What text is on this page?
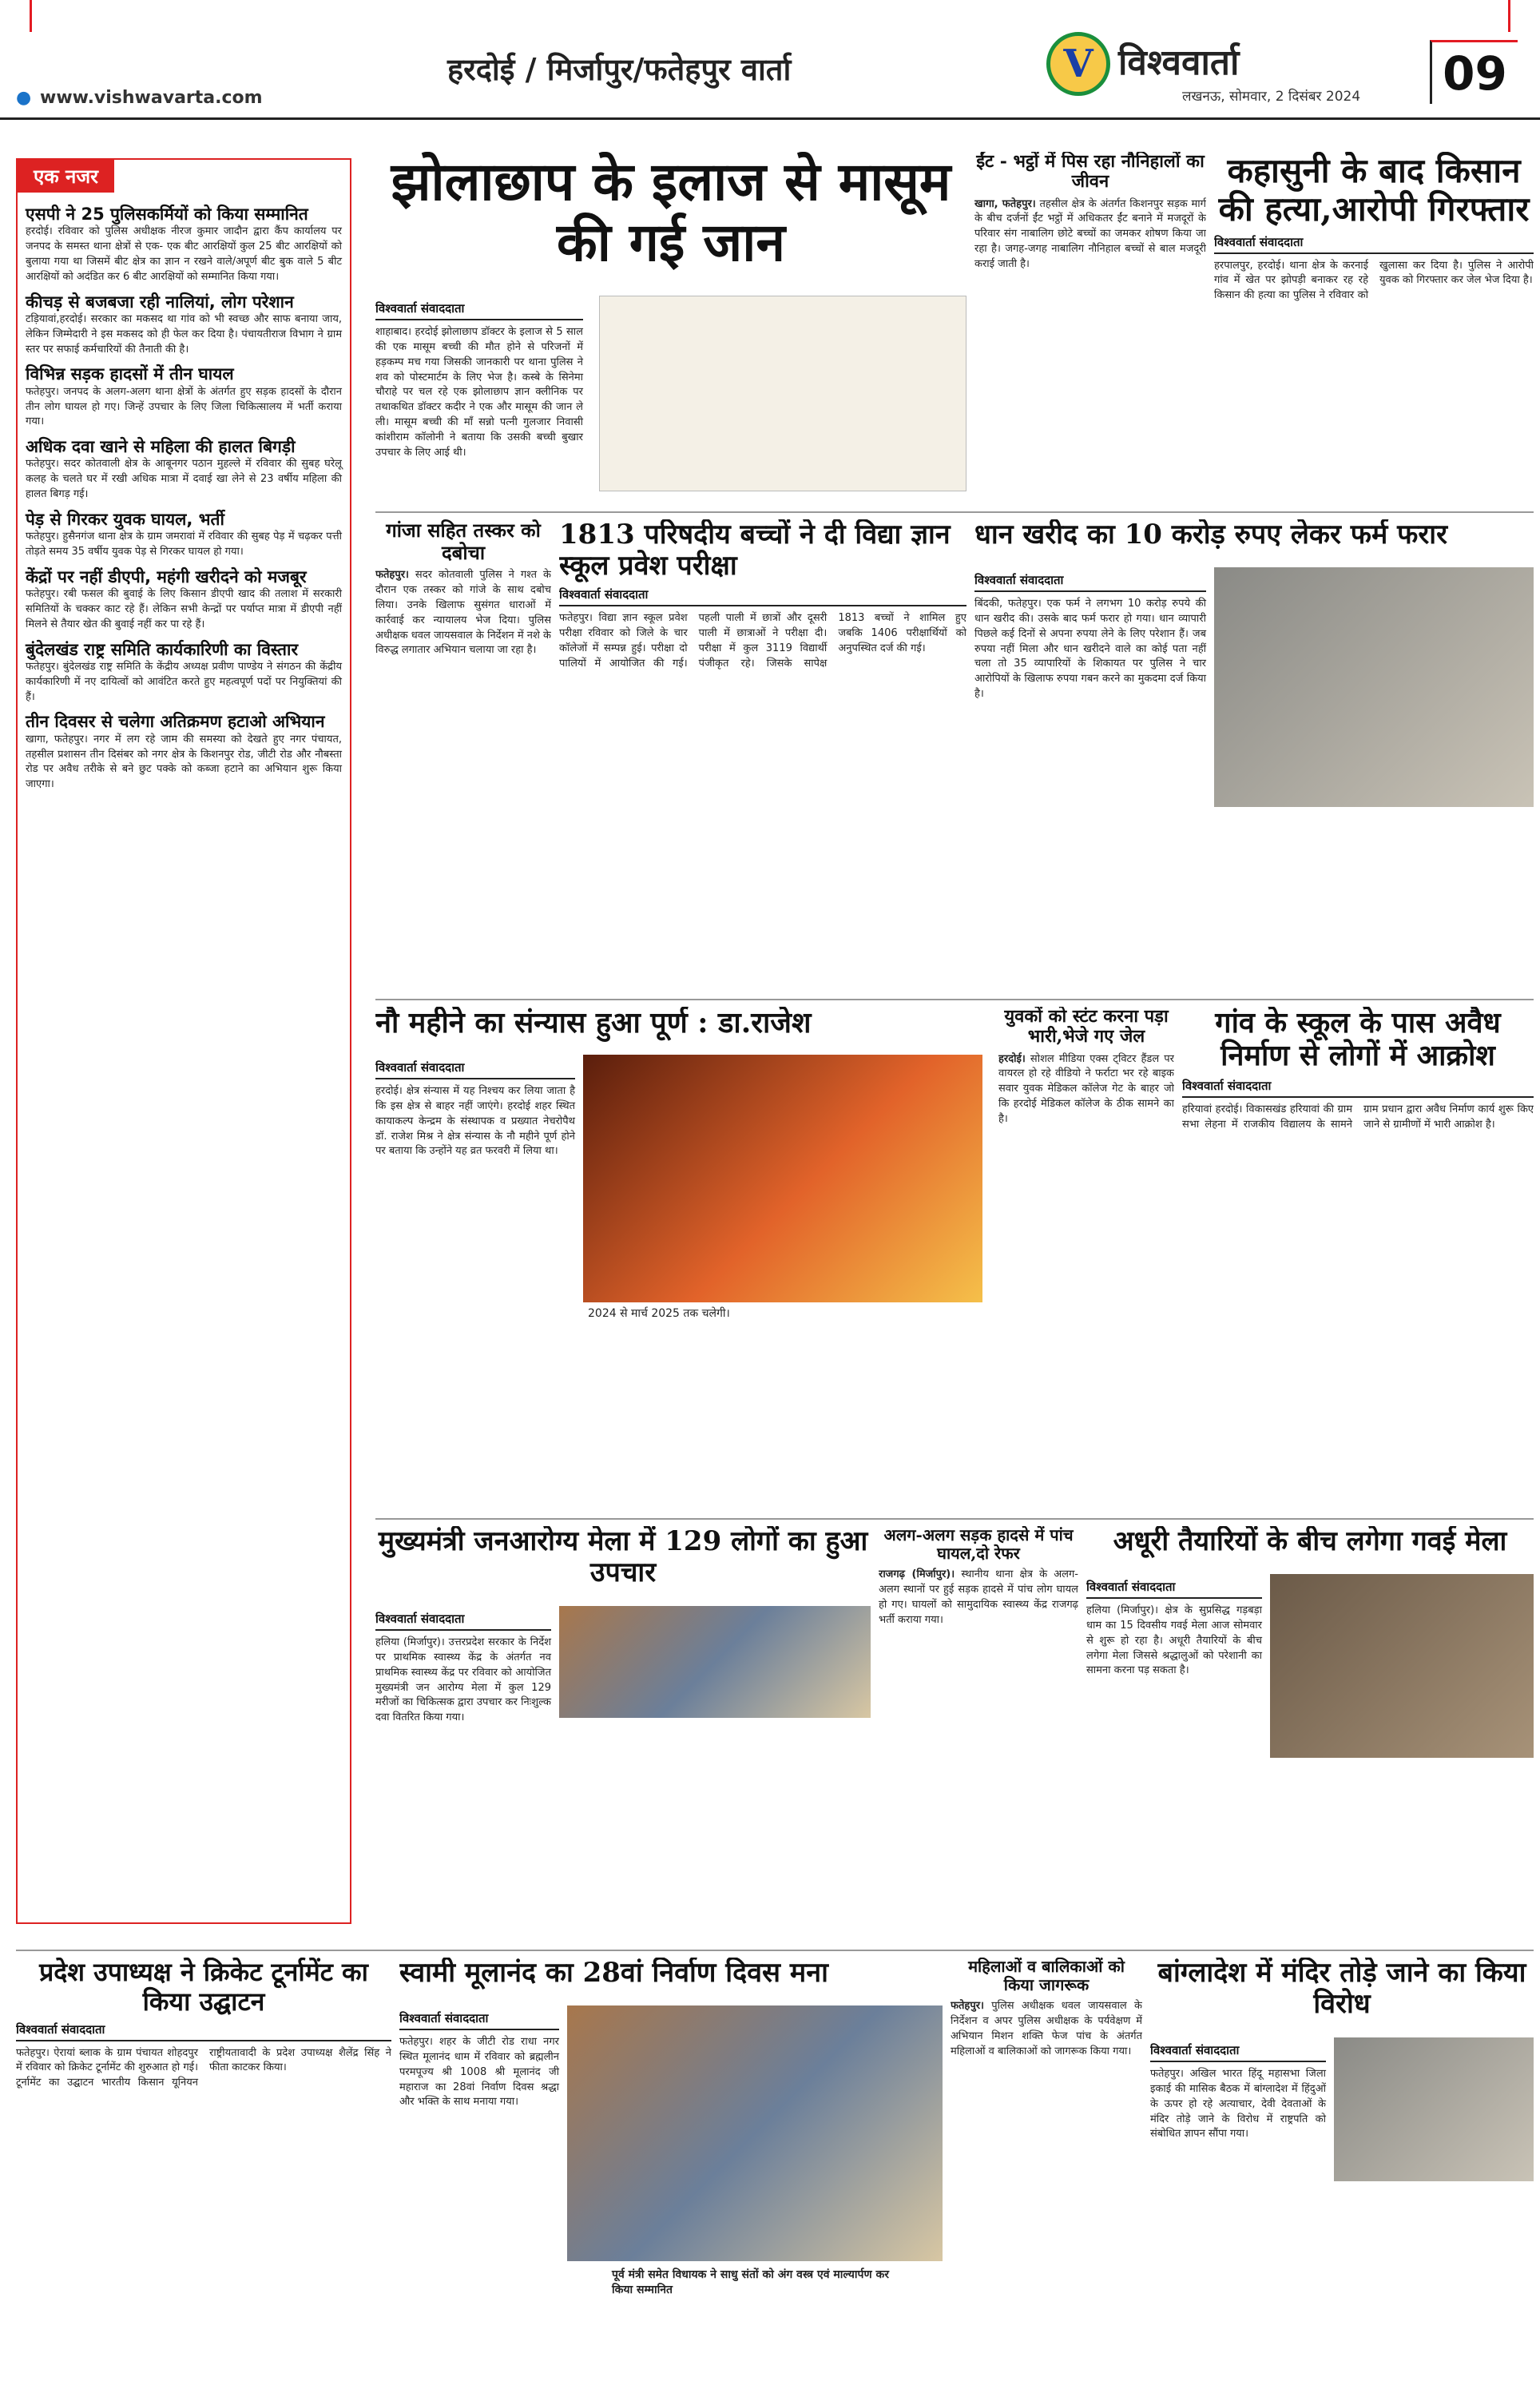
हरदोई / मिर्जापुर/फतेहपुर वार्ता	V विश्ववार्ता
लखनऊ, सोमवार, 2 दिसंबर 2024 09
● www.vishwavarta.com
एक नजर
एसपी ने 25 पुलिसकर्मियों को किया सम्मानित
हरदोई। रविवार को पुलिस अधीक्षक नीरज कुमार जादौन द्वारा कैंप कार्यालय पर जनपद के समस्त थाना क्षेत्रों से एक- एक बीट आरक्षियों कुल 25 बीट आरक्षियों को बुलाया गया था जिसमें बीट क्षेत्र का ज्ञान न रखने वाले/अपूर्ण बीट बुक वाले 5 बीट आरक्षियों को अदंडित कर 6 बीट आरक्षियों को सम्मानित किया गया।
कीचड़ से बजबजा रही नालियां, लोग परेशान
टड़ियावां,हरदोई। सरकार का मकसद था गांव को भी स्वच्छ और साफ बनाया जाय, लेकिन जिम्मेदारी ने इस मकसद को ही फेल कर दिया है। पंचायतीराज विभाग ने ग्राम स्तर पर सफाई कर्मचारियों की तैनाती की है।
विभिन्न सड़क हादसों में तीन घायल
फतेहपुर। जनपद के अलग-अलग थाना क्षेत्रों के अंतर्गत हुए सड़क हादसों के दौरान तीन लोग घायल हो गए। जिन्हें उपचार के लिए जिला चिकित्सालय में भर्ती कराया गया।
अधिक दवा खाने से महिला की हालत बिगड़ी
फतेहपुर। सदर कोतवाली क्षेत्र के आबूनगर पठान मुहल्ले में रविवार की सुबह घरेलू कलह के चलते घर में रखी अधिक मात्रा में दवाई खा लेने से 23 वर्षीय महिला की हालत बिगड़ गई।
पेड़ से गिरकर युवक घायल, भर्ती
फतेहपुर। हुसैनगंज थाना क्षेत्र के ग्राम जमरावां में रविवार की सुबह पेड़ में चढ़कर पत्ती तोड़ते समय 35 वर्षीय युवक पेड़ से गिरकर घायल हो गया।
केंद्रों पर नहीं डीएपी, महंगी खरीदने को मजबूर
फतेहपुर। रबी फसल की बुवाई के लिए किसान डीएपी खाद की तलाश में सरकारी समितियों के चक्कर काट रहे हैं। लेकिन सभी केन्द्रों पर पर्याप्त मात्रा में डीएपी नहीं मिलने से तैयार खेत की बुवाई नहीं कर पा रहे हैं।
बुंदेलखंड राष्ट्र समिति कार्यकारिणी का विस्तार
फतेहपुर। बुंदेलखंड राष्ट्र समिति के केंद्रीय अध्यक्ष प्रवीण पाण्डेय ने संगठन की केंद्रीय कार्यकारिणी में नए दायित्वों को आवंटित करते हुए महत्वपूर्ण पदों पर नियुक्तियां की हैं।
तीन दिवसर से चलेगा अतिक्रमण हटाओ अभियान
खागा, फतेहपुर। नगर में लग रहे जाम की समस्या को देखते हुए नगर पंचायत, तहसील प्रशासन तीन दिसंबर को नगर क्षेत्र के किशनपुर रोड, जीटी रोड और नौबस्ता रोड पर अवैध तरीके से बने छुट पक्के को कब्जा हटाने का अभियान शुरू किया जाएगा।
झोलाछाप के इलाज से मासूम की गई जान
विश्ववार्ता संवाददाता
शाहाबाद। हरदोई झोलाछाप डॉक्टर के इलाज से 5 साल की एक मासूम बच्ची की मौत होने से परिजनों में हड़कम्प मच गया जिसकी जानकारी पर थाना पुलिस ने शव को पोस्टमार्टम के लिए भेज है। कस्बे के सिनेमा चौराहे पर चल रहे एक झोलाछाप ज्ञान क्लीनिक पर तथाकथित डॉक्टर कदीर ने एक और मासूम की जान ले ली। मासूम बच्ची की माँ सन्नो पत्नी गुलजार निवासी कांशीराम कॉलोनी ने बताया कि उसकी बच्ची बुखार उपचार के लिए आई थी।
ईंट - भट्ठों में पिस रहा नौनिहालों का जीवन
खागा, फतेहपुर। तहसील क्षेत्र के अंतर्गत किशनपुर सड़क मार्ग के बीच दर्जनों ईंट भट्ठों में अधिकतर ईंट बनाने में मजदूरों के परिवार संग नाबालिग छोटे बच्चों का जमकर शोषण किया जा रहा है। जगह-जगह नाबालिग नौनिहाल बच्चों से बाल मजदूरी कराई जाती है।
कहासुनी के बाद किसान की हत्या,आरोपी गिरफ्तार
विश्ववार्ता संवाददाता
हरपालपुर, हरदोई। थाना क्षेत्र के करनाई गांव में खेत पर झोपड़ी बनाकर रह रहे किसान की हत्या का पुलिस ने रविवार को खुलासा कर दिया है। पुलिस ने आरोपी युवक को गिरफ्तार कर जेल भेज दिया है।
गांजा सहित तस्कर को दबोचा
फतेहपुर। सदर कोतवाली पुलिस ने गश्त के दौरान एक तस्कर को गांजे के साथ दबोच लिया। उनके खिलाफ सुसंगत धाराओं में कार्रवाई कर न्यायालय भेज दिया। पुलिस अधीक्षक धवल जायसवाल के निर्देशन में नशे के विरुद्ध लगातार अभियान चलाया जा रहा है।
1813 परिषदीय बच्चों ने दी विद्या ज्ञान स्कूल प्रवेश परीक्षा
विश्ववार्ता संवाददाता
फतेहपुर। विद्या ज्ञान स्कूल प्रवेश परीक्षा रविवार को जिले के चार कॉलेजों में सम्पन्न हुई। परीक्षा दो पालियों में आयोजित की गई। पहली पाली में छात्रों और दूसरी पाली में छात्राओं ने परीक्षा दी। परीक्षा में कुल 3119 विद्यार्थी पंजीकृत रहे। जिसके सापेक्ष 1813 बच्चों ने शामिल हुए जबकि 1406 परीक्षार्थियों को अनुपस्थित दर्ज की गई।
धान खरीद का 10 करोड़ रुपए लेकर फर्म फरार
विश्ववार्ता संवाददाता
बिंदकी, फतेहपुर। एक फर्म ने लगभग 10 करोड़ रुपये की धान खरीद की। उसके बाद फर्म फरार हो गया। धान व्यापारी पिछले कई दिनों से अपना रुपया लेने के लिए परेशान हैं। जब रुपया नहीं मिला और धान खरीदने वाले का कोई पता नहीं चला तो 35 व्यापारियों के शिकायत पर पुलिस ने चार आरोपियों के खिलाफ रुपया गबन करने का मुकदमा दर्ज किया है।
नौ महीने का संन्यास हुआ पूर्ण : डा.राजेश
विश्ववार्ता संवाददाता
हरदोई। क्षेत्र संन्यास में यह निश्चय कर लिया जाता है कि इस क्षेत्र से बाहर नहीं जाएंगे। हरदोई शहर स्थित कायाकल्प केन्द्रम के संस्थापक व प्रख्यात नेचरोपैथ डॉ. राजेश मिश्र ने क्षेत्र संन्यास के नौ महीने पूर्ण होने पर बताया कि उन्होंने यह व्रत फरवरी में लिया था।
2024 से मार्च 2025 तक चलेगी।
युवकों को स्टंट करना पड़ा भारी,भेजे गए जेल
हरदोई। सोशल मीडिया एक्स ट्विटर हैंडल पर वायरल हो रहे वीडियो ने फर्राटा भर रहे बाइक सवार युवक मेडिकल कॉलेज गेट के बाहर जो कि हरदोई मेडिकल कॉलेज के ठीक सामने का है।
गांव के स्कूल के पास अवैध निर्माण से लोगों में आक्रोश
विश्ववार्ता संवाददाता
हरियावां हरदोई। विकासखंड हरियावां की ग्राम सभा लेहना में राजकीय विद्यालय के सामने ग्राम प्रधान द्वारा अवैध निर्माण कार्य शुरू किए जाने से ग्रामीणों में भारी आक्रोश है।
मुख्यमंत्री जनआरोग्य मेला में 129 लोगों का हुआ उपचार
विश्ववार्ता संवाददाता
हलिया (मिर्जापुर)। उत्तरप्रदेश सरकार के निर्देश पर प्राथमिक स्वास्थ्य केंद्र के अंतर्गत नव प्राथमिक स्वास्थ्य केंद्र पर रविवार को आयोजित मुख्यमंत्री जन आरोग्य मेला में कुल 129 मरीजों का चिकित्सक द्वारा उपचार कर निःशुल्क दवा वितरित किया गया।
अलग-अलग सड़क हादसे में पांच घायल,दो रेफर
राजगढ़ (मिर्जापुर)। स्थानीय थाना क्षेत्र के अलग-अलग स्थानों पर हुई सड़क हादसे में पांच लोग घायल हो गए। घायलों को सामुदायिक स्वास्थ्य केंद्र राजगढ़ भर्ती कराया गया।
अधूरी तैयारियों के बीच लगेगा गवई मेला
विश्ववार्ता संवाददाता
हलिया (मिर्जापुर)। क्षेत्र के सुप्रसिद्ध गड़बड़ा धाम का 15 दिवसीय गवई मेला आज सोमवार से शुरू हो रहा है। अधूरी तैयारियों के बीच लगेगा मेला जिससे श्रद्धालुओं को परेशानी का सामना करना पड़ सकता है।
प्रदेश उपाध्यक्ष ने क्रिकेट टूर्नामेंट का किया उद्घाटन
विश्ववार्ता संवाददाता
फतेहपुर। ऐरायां ब्लाक के ग्राम पंचायत शोहदपुर में रविवार को क्रिकेट टूर्नामेंट की शुरुआत हो गई। टूर्नामेंट का उद्घाटन भारतीय किसान यूनियन राष्ट्रीयतावादी के प्रदेश उपाध्यक्ष शैलेंद्र सिंह ने फीता काटकर किया।
स्वामी मूलानंद का 28वां निर्वाण दिवस मना
विश्ववार्ता संवाददाता
फतेहपुर। शहर के जीटी रोड राधा नगर स्थित मूलानंद धाम में रविवार को ब्रह्मलीन परमपूज्य श्री 1008 श्री मूलानंद जी महाराज का 28वां निर्वाण दिवस श्रद्धा और भक्ति के साथ मनाया गया।
पूर्व मंत्री समेत विधायक ने साधु संतों को अंग वस्त्र एवं माल्यार्पण कर किया सम्मानित
महिलाओं व बालिकाओं को किया जागरूक
फतेहपुर। पुलिस अधीक्षक धवल जायसवाल के निर्देशन व अपर पुलिस अधीक्षक के पर्यवेक्षण में अभियान मिशन शक्ति फेज पांच के अंतर्गत महिलाओं व बालिकाओं को जागरूक किया गया।
बांग्लादेश में मंदिर तोड़े जाने का किया विरोध
विश्ववार्ता संवाददाता
फतेहपुर। अखिल भारत हिंदू महासभा जिला इकाई की मासिक बैठक में बांग्लादेश में हिंदुओं के ऊपर हो रहे अत्याचार, देवी देवताओं के मंदिर तोड़े जाने के विरोध में राष्ट्रपति को संबोधित ज्ञापन सौंपा गया।
